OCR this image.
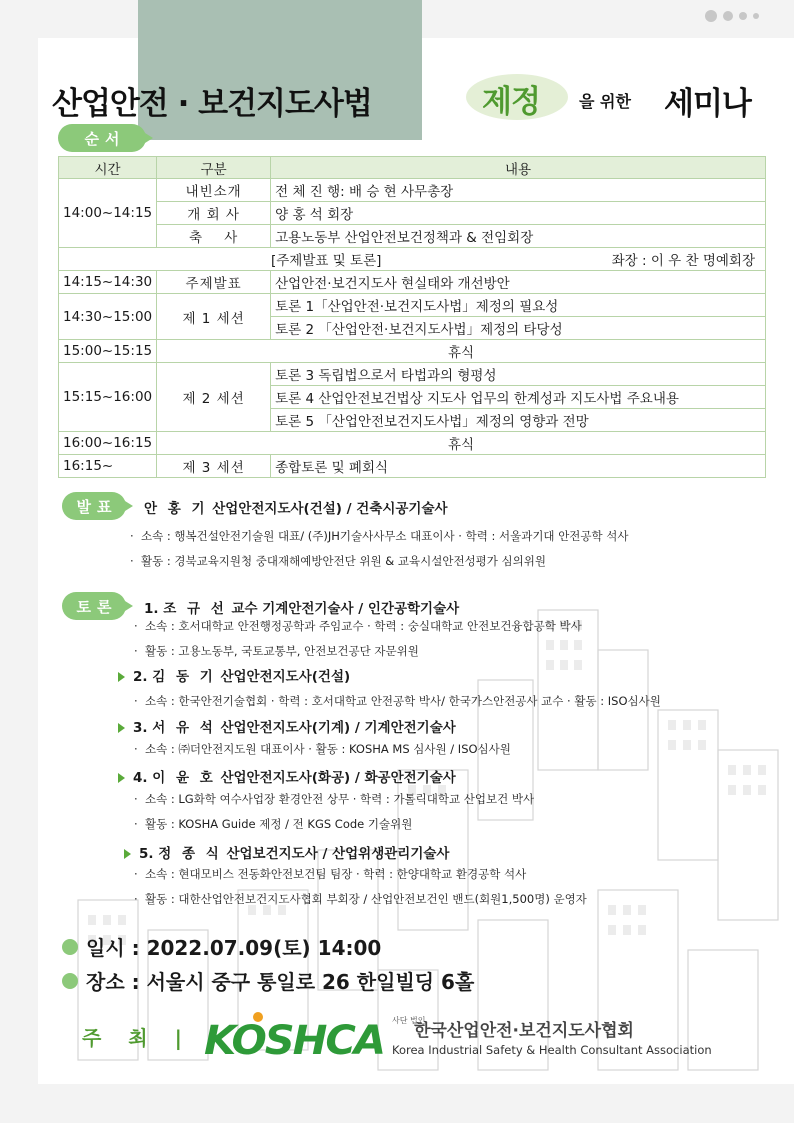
산업안전 · 보건지도사법	제정 을 위한 세미나
순서
시간	구분	내용
14:00~14:15	내빈소개	전 체 진 행: 배 승 현 사무총장
	개 회 사	양 홍 석 회장
	축    사	고용노동부 산업안전보건정책과 & 전임회장

[주제발표 및 토론] 좌장 : 이 우 찬 명예회장		

14:15~14:30	주제발표	산업안전·보건지도사 현실태와 개선방안
14:30~15:00	제 1 세션	토론 1「산업안전·보건지도사법」제정의 필요성
		토론 2 「산업안전·보건지도사법」제정의 타당성
15:00~15:15	휴식	
15:15~16:00	제 2 세션	토론 3 독립법으로서 타법과의 형평성
		토론 4 산업안전보건법상 지도사 업무의 한계성과 지도사법 주요내용
		토론 5 「산업안전보건지도사법」제정의 영향과 전망
16:00~16:15	휴식	
16:15~	제 3 세션	종합토론 및 폐회식
발표	안 홍 기 산업안전지도사(건설) / 건축시공기술사
·  소속 : 행복건설안전기술원 대표/ (주)JH기술사사무소 대표이사 · 학력 : 서울과기대 안전공학 석사
·  활동 : 경북교육지원청 중대재해예방안전단 위원 & 교육시설안전성평가 심의위원
토론	1. 조 규 선 교수 기계안전기술사 / 인간공학기술사
·  소속 : 호서대학교 안전행정공학과 주임교수 · 학력 : 숭실대학교 안전보건융합공학 박사
·  활동 : 고용노동부, 국토교통부, 안전보건공단 자문위원
2. 김 동 기 산업안전지도사(건설)
·  소속 : 한국안전기술협회 · 학력 : 호서대학교 안전공학 박사/ 한국가스안전공사 교수 · 활동 : ISO심사원
3. 서 유 석 산업안전지도사(기계) / 기계안전기술사
·  소속 : ㈜더안전지도원 대표이사 · 활동 : KOSHA MS 심사원 / ISO심사원
4. 이 윤 호 산업안전지도사(화공) / 화공안전기술사
·  소속 : LG화학 여수사업장 환경안전 상무 · 학력 : 가톨릭대학교 산업보건 박사
·  활동 : KOSHA Guide 제정 / 전 KGS Code 기술위원
5. 정 종 식 산업보건지도사 / 산업위생관리기술사
·  소속 : 현대모비스 전동화안전보건팀 팀장 · 학력 : 한양대학교 환경공학 석사
·  활동 : 대한산업안전보건지도사협회 부회장 / 산업안전보건인 밴드(회원1,500명) 운영자
일시 : 2022.07.09(토) 14:00
장소 : 서울시 중구 통일로 26 한일빌딩 6홀
주 최 | KOSHCA 사단 법인한국산업안전·보건지도사협회
Korea Industrial Safety & Health Consultant Association
